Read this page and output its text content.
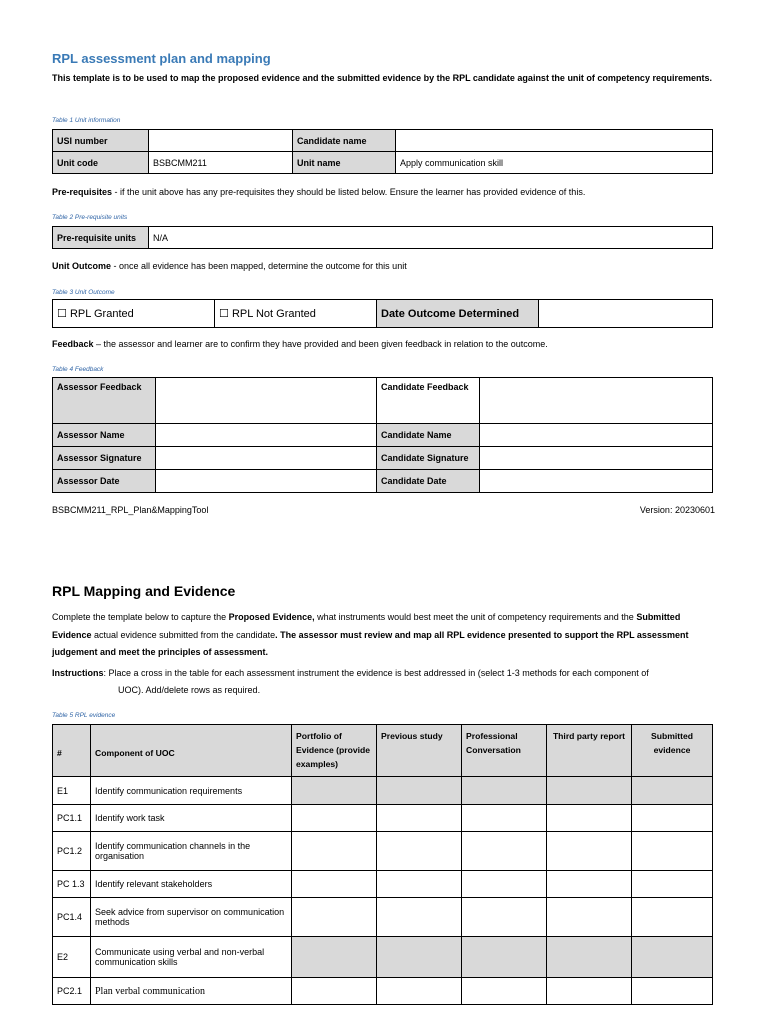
RPL assessment plan and mapping
This template is to be used to map the proposed evidence and the submitted evidence by the RPL candidate against the unit of competency requirements.
Table 1 Unit information
USI number		Candidate name	
Unit code	BSBCMM211	Unit name	Apply communication skill
Pre-requisites - if the unit above has any pre-requisites they should be listed below. Ensure the learner has provided evidence of this.
Table 2 Pre-requisite units
Pre-requisite units	N/A
Unit Outcome - once all evidence has been mapped, determine the outcome for this unit
Table 3 Unit Outcome
☐ RPL Granted	☐ RPL Not Granted	Date Outcome Determined	
Feedback – the assessor and learner are to confirm they have provided and been given feedback in relation to the outcome.
Table 4 Feedback
Assessor Feedback		Candidate Feedback	
Assessor Name		Candidate Name	
Assessor Signature		Candidate Signature	
Assessor Date		Candidate Date	
BSBCMM211_RPL_Plan&MappingTool	Version: 20230601
RPL Mapping and Evidence
Complete the template below to capture the Proposed Evidence, what instruments would best meet the unit of competency requirements and the Submitted Evidence actual evidence submitted from the candidate. The assessor must review and map all RPL evidence presented to support the RPL assessment judgement and meet the principles of assessment.
Instructions: Place a cross in the table for each assessment instrument the evidence is best addressed in (select 1-3 methods for each component of
UOC). Add/delete rows as required.
Table 5 RPL evidence
#	Component of UOC	Portfolio of Evidence (provide examples)	Previous study	Professional Conversation	Third party report	Submitted evidence
E1	Identify communication requirements					
PC1.1	Identify work task					
PC1.2	Identify communication channels in the organisation					
PC 1.3	Identify relevant stakeholders					
PC1.4	Seek advice from supervisor on communication methods					
E2	Communicate using verbal and non-verbal communication skills					
PC2.1	Plan verbal communication					
